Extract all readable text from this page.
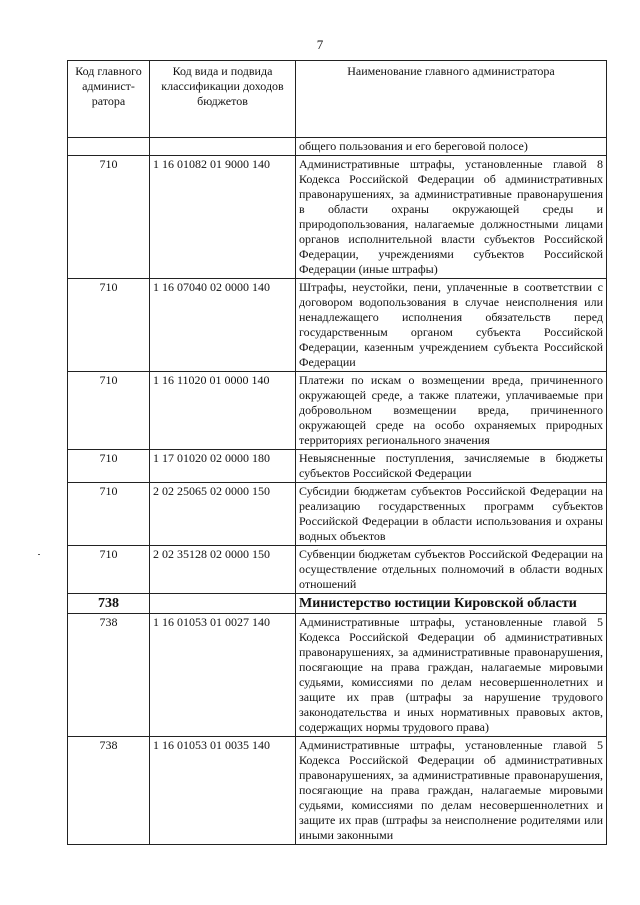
7
Код главного админист-ратора	Код вида и подвида классификации доходов бюджетов	Наименование главного администратора
		общего пользования и его береговой полосе)
710	1 16 01082 01 9000 140	Административные штрафы, установленные главой 8 Кодекса Российской Федерации об административных правонарушениях, за административные правонарушения в области охраны окружающей среды и природопользования, налагаемые должностными лицами органов исполнительной власти субъектов Российской Федерации, учреждениями субъектов Российской Федерации (иные штрафы)
710	1 16 07040 02 0000 140	Штрафы, неустойки, пени, уплаченные в соответствии с договором водопользования в случае неисполнения или ненадлежащего исполнения обязательств перед государственным органом субъекта Российской Федерации, казенным учреждением субъекта Российской Федерации
710	1 16 11020 01 0000 140	Платежи по искам о возмещении вреда, причиненного окружающей среде, а также платежи, уплачиваемые при добровольном возмещении вреда, причиненного окружающей среде на особо охраняемых природных территориях регионального значения
710	1 17 01020 02 0000 180	Невыясненные поступления, зачисляемые в бюджеты субъектов Российской Федерации
710	2 02 25065 02 0000 150	Субсидии бюджетам субъектов Российской Федерации на реализацию государственных программ субъектов Российской Федерации в области использования и охраны водных объектов
710	2 02 35128 02 0000 150	Субвенции бюджетам субъектов Российской Федерации на осуществление отдельных полномочий в области водных отношений
738		Министерство юстиции Кировской области
738	1 16 01053 01 0027 140	Административные штрафы, установленные главой 5 Кодекса Российской Федерации об административных правонарушениях, за административные правонарушения, посягающие на права граждан, налагаемые мировыми судьями, комиссиями по делам несовершеннолетних и защите их прав (штрафы за нарушение трудового законодательства и иных нормативных правовых актов, содержащих нормы трудового права)
738	1 16 01053 01 0035 140	Административные штрафы, установленные главой 5 Кодекса Российской Федерации об административных правонарушениях, за административные правонарушения, посягающие на права граждан, налагаемые мировыми судьями, комиссиями по делам несовершеннолетних и защите их прав (штрафы за неисполнение родителями или иными законными
